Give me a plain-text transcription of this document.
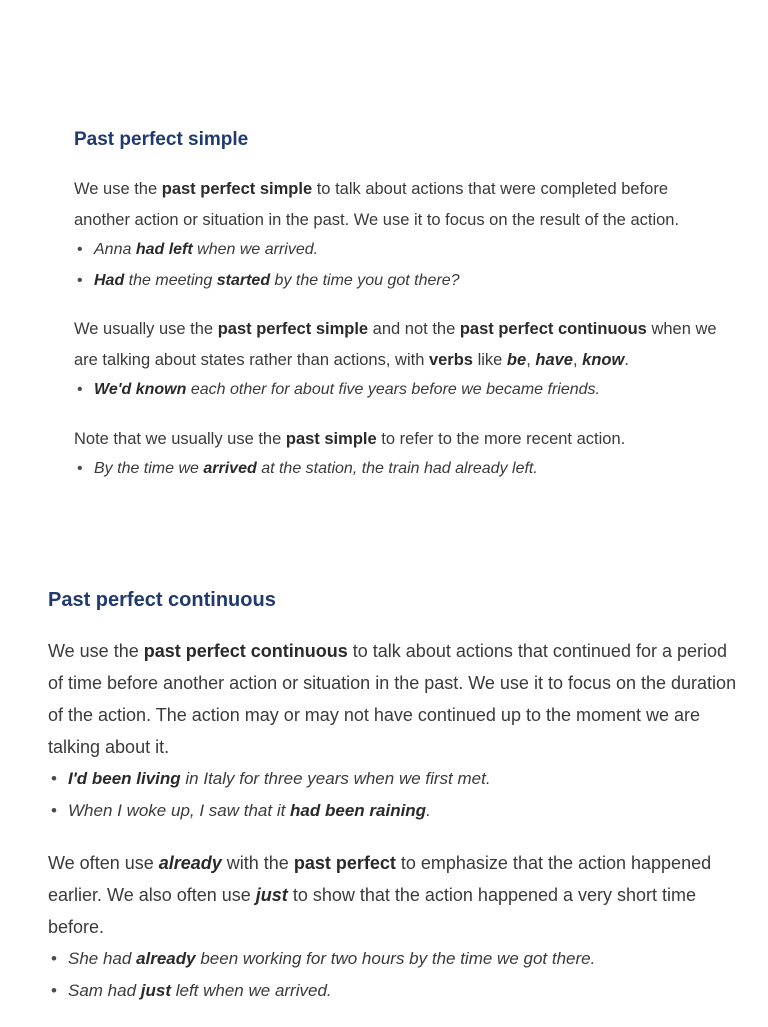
Past perfect simple

We use the past perfect simple to talk about actions that were completed before another action or situation in the past. We use it to focus on the result of the action.

• Anna had left when we arrived.
• Had the meeting started by the time you got there?

We usually use the past perfect simple and not the past perfect continuous when we are talking about states rather than actions, with verbs like be, have, know.

• We'd known each other for about five years before we became friends.

Note that we usually use the past simple to refer to the more recent action.

• By the time we arrived at the station, the train had already left.
Past perfect continuous

We use the past perfect continuous to talk about actions that continued for a period of time before another action or situation in the past. We use it to focus on the duration of the action. The action may or may not have continued up to the moment we are talking about it.

• I'd been living in Italy for three years when we first met.
• When I woke up, I saw that it had been raining.

We often use already with the past perfect to emphasize that the action happened earlier. We also often use just to show that the action happened a very short time before.

• She had already been working for two hours by the time we got there.
• Sam had just left when we arrived.
